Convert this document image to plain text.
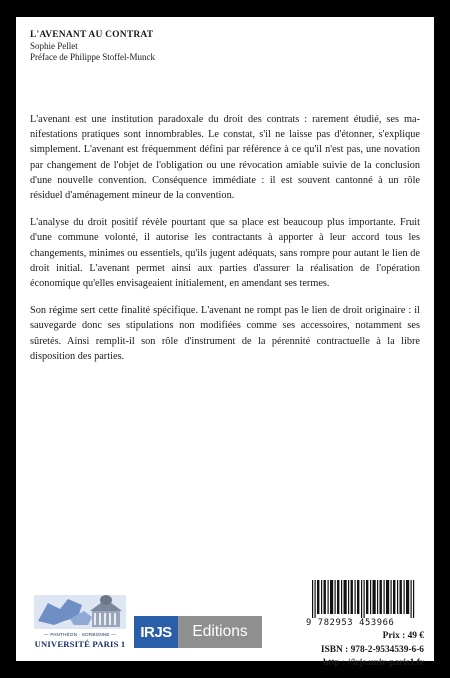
L'AVENANT AU CONTRAT
Sophie Pellet
Préface de Philippe Stoffel-Munck

L'avenant est une institution paradoxale du droit des contrats : rarement étudié, ses manifestations pratiques sont innombrables. Le constat, s'il ne laisse pas d'étonner, s'explique simplement. L'avenant est fréquemment défini par référence à ce qu'il n'est pas, une novation par changement de l'objet de l'obligation ou une révocation amiable suivie de la conclusion d'une nouvelle convention. Conséquence immédiate : il est souvent cantonné à un rôle résiduel d'aménagement mineur de la convention.

L'analyse du droit positif révèle pourtant que sa place est beaucoup plus importante. Fruit d'une commune volonté, il autorise les contractants à apporter à leur accord tous les changements, minimes ou essentiels, qu'ils jugent adéquats, sans rompre pour autant le lien de droit initial. L'avenant permet ainsi aux parties d'assurer la réalisation de l'opération économique qu'elles envisageaient initialement, en amendant ses termes.

Son régime sert cette finalité spécifique. L'avenant ne rompt pas le lien de droit originaire : il sauvegarde donc ses stipulations non modifiées comme ses accessoires, notamment ses sûretés. Ainsi remplit-il son rôle d'instrument de la pérennité contractuelle à la libre disposition des parties.

— PANTHÉON · SORBONNE —
UNIVERSITÉ PARIS 1
IRJS	Editions	9 782953 453966
Prix : 49 €
ISBN : 978-2-9534539-6-6
http : //irjs.univ-paris1.fr
